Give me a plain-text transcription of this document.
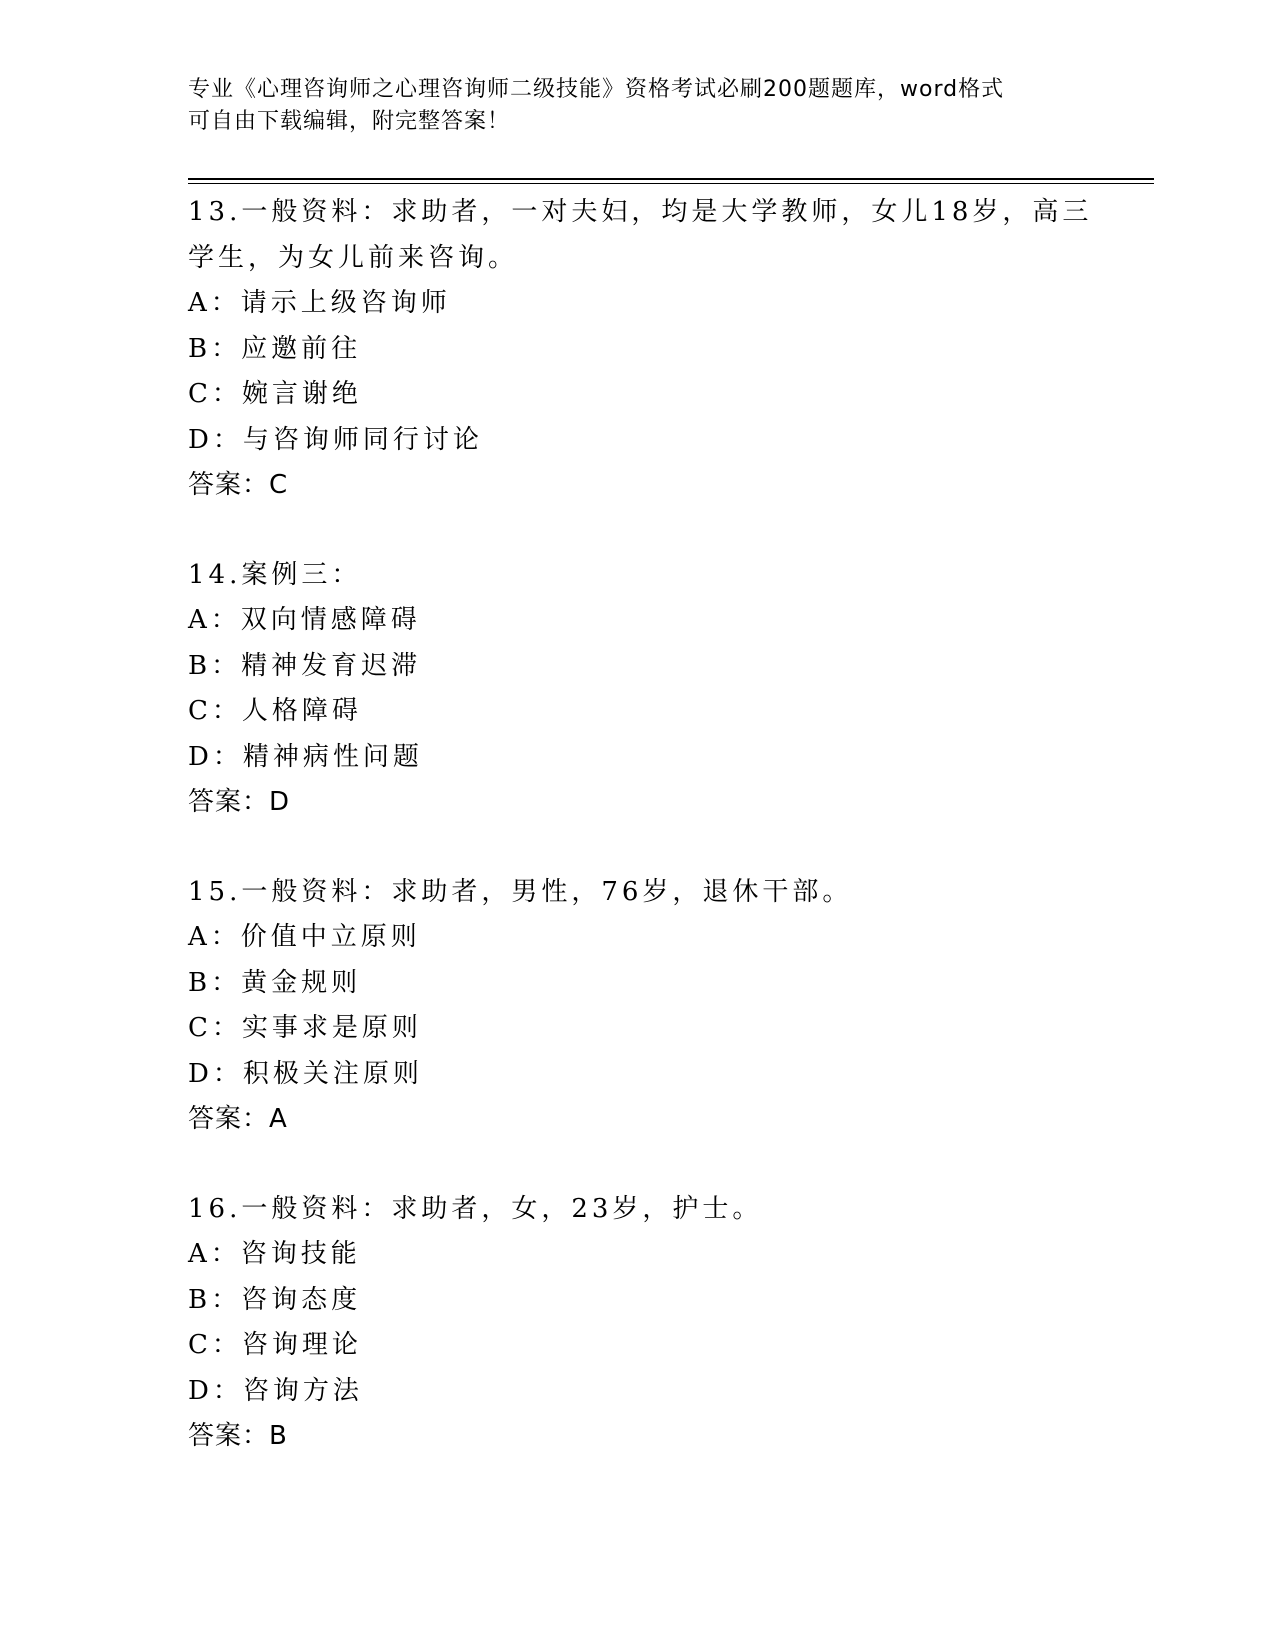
专业《心理咨询师之心理咨询师二级技能》资格考试必刷200题题库，word格式
可自由下载编辑，附完整答案！
13.一般资料：求助者，一对夫妇，均是大学教师，女儿18岁，高三
学生，为女儿前来咨询。
A：请示上级咨询师
B：应邀前往
C：婉言谢绝
D：与咨询师同行讨论
答案：C
14.案例三：
A：双向情感障碍
B：精神发育迟滞
C：人格障碍
D：精神病性问题
答案：D
15.一般资料：求助者，男性，76岁，退休干部。
A：价值中立原则
B：黄金规则
C：实事求是原则
D：积极关注原则
答案：A
16.一般资料：求助者，女，23岁，护士。
A：咨询技能
B：咨询态度
C：咨询理论
D：咨询方法
答案：B
